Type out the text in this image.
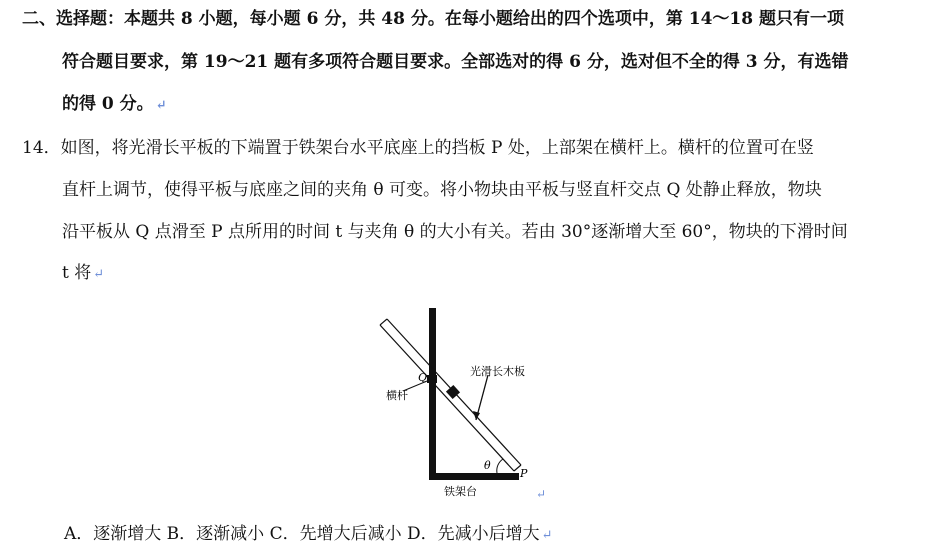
二、选择题：本题共 8 小题，每小题 6 分，共 48 分。在每小题给出的四个选项中，第 14～18 题只有一项
符合题目要求，第 19～21 题有多项符合题目要求。全部选对的得 6 分，选对但不全的得 3 分，有选错
的得 0 分。 ↵
14．如图，将光滑长平板的下端置于铁架台水平底座上的挡板 P 处，上部架在横杆上。横杆的位置可在竖
直杆上调节，使得平板与底座之间的夹角 θ 可变。将小物块由平板与竖直杆交点 Q 处静止释放，物块
沿平板从 Q 点滑至 P 点所用的时间 t 与夹角 θ 的大小有关。若由 30°逐渐增大至 60°，物块的下滑时间
t 将 ↵
Q
横杆
光滑长木板
θ
P
铁架台	↵
A．逐渐增大 B．逐渐减小 C．先增大后减小 D．先减小后增大 ↵
